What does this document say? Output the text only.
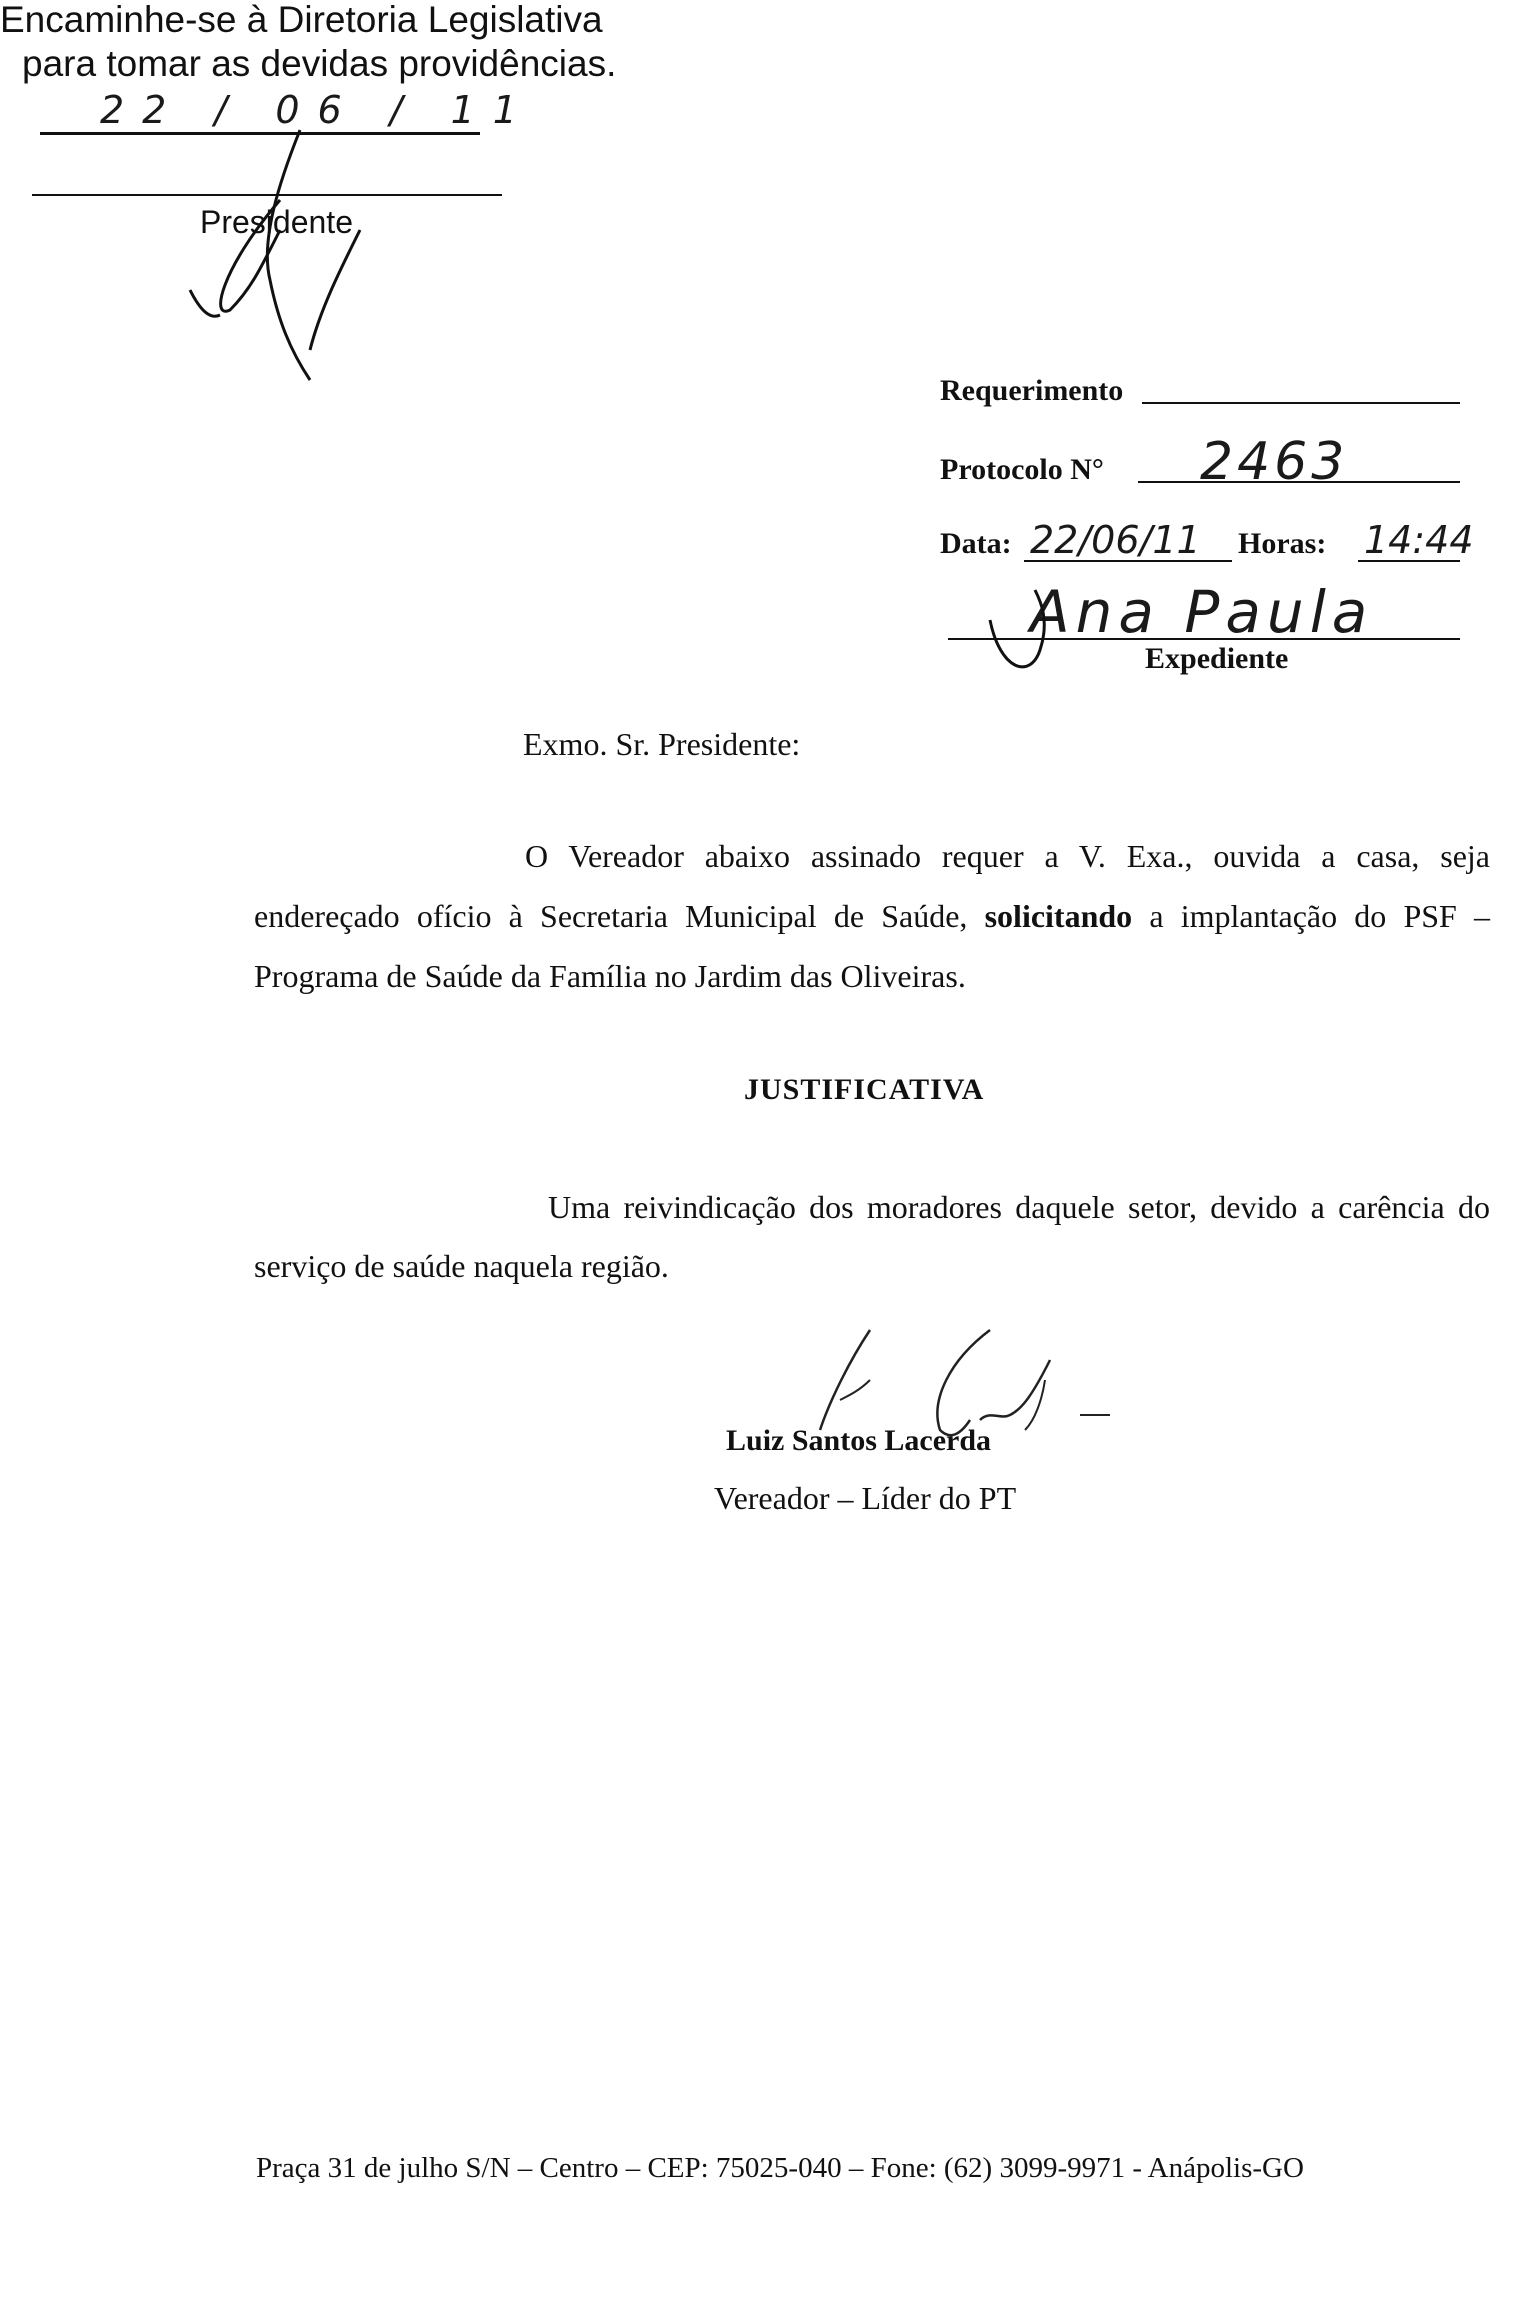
Encaminhe-se à Diretoria Legislativa
para tomar as devidas providências.
22 / 06 / 11
Presidente
Requerimento
Protocolo N° 2463
Data: 22/06/11 Horas: 14:44
Ana Paula
Expediente
Exmo. Sr. Presidente:
O Vereador abaixo assinado requer a V. Exa., ouvida a casa, seja
endereçado ofício à Secretaria Municipal de Saúde, solicitando a implantação do PSF –
Programa de Saúde da Família no Jardim das Oliveiras.
JUSTIFICATIVA
Uma reivindicação dos moradores daquele setor, devido a carência do
serviço de saúde naquela região.
Luiz Santos Lacerda
Vereador – Líder do PT
Praça 31 de julho S/N – Centro – CEP: 75025-040 – Fone: (62) 3099-9971 - Anápolis-GO
